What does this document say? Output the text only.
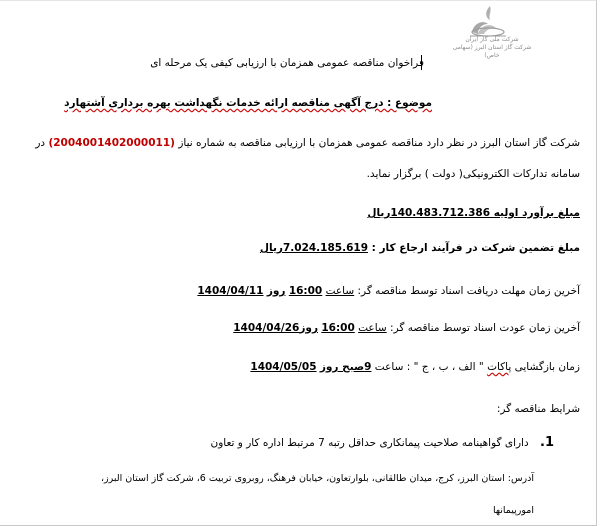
شرکت ملی گاز ایران
شرکت گاز استان البرز (سهامی خاص)
فراخوان مناقصه عمومی همزمان با ارزیابی کیفی یک مرحله ای
موضوع : درج آگهی مناقصه ارائه خدمات نگهداشت بهره برداری آشتهارد
شرکت گاز استان البرز در نظر دارد مناقصه عمومی همزمان با ارزیابی مناقصه به شماره نیاز (2004001402000011) در
سامانه تدارکات الکترونیکی( دولت ) برگزار نماید.
مبلغ برآورد اولیه 140.483.712.386ریال
مبلغ تضمین شرکت در فرآیند ارجاع کار : 7.024.185.619ریال
آخرین زمان مهلت دریافت اسناد توسط مناقصه گر: ساعت 16:00 روز 1404/04/11
آخرین زمان عودت اسناد توسط مناقصه گر: ساعت 16:00 روز1404/04/26
زمان بازگشایی پاکات " الف ، ب ، ج " : ساعت 9صبح روز 1404/05/05
شرایط مناقصه گر:
1. دارای گواهینامه صلاحیت پیمانکاری حداقل رتبه 7 مرتبط اداره کار و تعاون
آدرس: استان البرز، کرج، میدان طالقانی، بلوارتعاون، خیابان فرهنگ، روبروی تربیت 6، شرکت گاز استان البرز،
امورپیمانها
